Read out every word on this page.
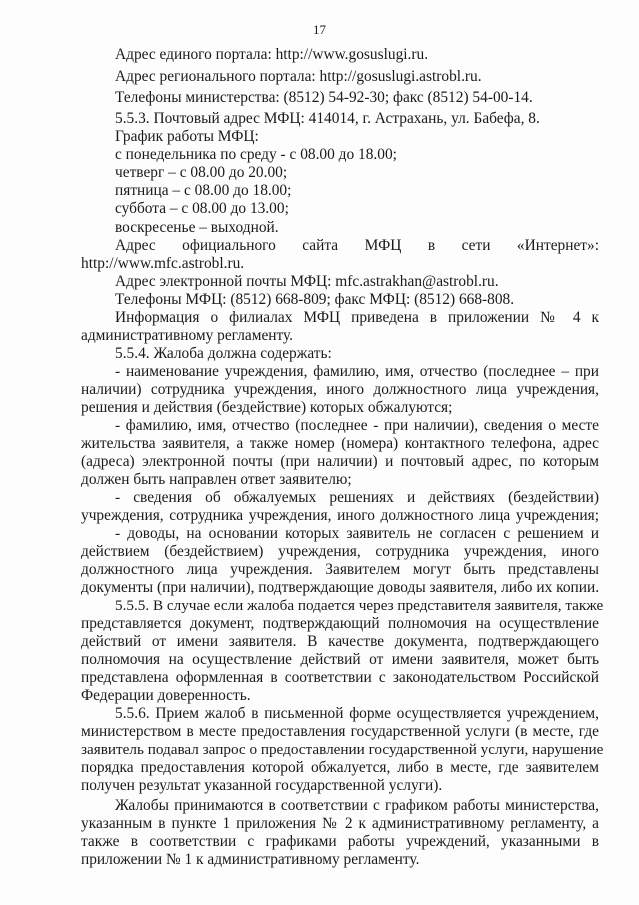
17
Адрес единого портала: http://www.gosuslugi.ru.
Адрес регионального портала: http://gosuslugi.astrobl.ru.
Телефоны министерства: (8512) 54-92-30; факс (8512) 54-00-14.
5.5.3. Почтовый адрес МФЦ: 414014, г. Астрахань, ул. Бабефа, 8.
График работы МФЦ:
с понедельника по среду - с 08.00 до 18.00;
четверг – с 08.00 до 20.00;
пятница – с 08.00 до 18.00;
суббота – с 08.00 до 13.00;
воскресенье – выходной.
Адрес официального сайта МФЦ в сети «Интернет»:
http://www.mfc.astrobl.ru.
Адрес электронной почты МФЦ: mfc.astrakhan@astrobl.ru.
Телефоны МФЦ: (8512) 668-809; факс МФЦ: (8512) 668-808.
Информация о филиалах МФЦ приведена в приложении № 4 к
административному регламенту.
5.5.4. Жалоба должна содержать:
- наименование учреждения, фамилию, имя, отчество (последнее – при
наличии) сотрудника учреждения, иного должностного лица учреждения,
решения и действия (бездействие) которых обжалуются;
- фамилию, имя, отчество (последнее - при наличии), сведения о месте
жительства заявителя, а также номер (номера) контактного телефона, адрес
(адреса) электронной почты (при наличии) и почтовый адрес, по которым
должен быть направлен ответ заявителю;
- сведения об обжалуемых решениях и действиях (бездействии)
учреждения, сотрудника учреждения, иного должностного лица учреждения;
- доводы, на основании которых заявитель не согласен с решением и
действием (бездействием) учреждения, сотрудника учреждения, иного
должностного лица учреждения. Заявителем могут быть представлены
документы (при наличии), подтверждающие доводы заявителя, либо их копии.
5.5.5. В случае если жалоба подается через представителя заявителя, также
представляется документ, подтверждающий полномочия на осуществление
действий от имени заявителя. В качестве документа, подтверждающего
полномочия на осуществление действий от имени заявителя, может быть
представлена оформленная в соответствии с законодательством Российской
Федерации доверенность.
5.5.6. Прием жалоб в письменной форме осуществляется учреждением,
министерством в месте предоставления государственной услуги (в месте, где
заявитель подавал запрос о предоставлении государственной услуги, нарушение
порядка предоставления которой обжалуется, либо в месте, где заявителем
получен результат указанной государственной услуги).
Жалобы принимаются в соответствии с графиком работы министерства,
указанным в пункте 1 приложения № 2 к административному регламенту, а
также в соответствии с графиками работы учреждений, указанными в
приложении № 1 к административному регламенту.
